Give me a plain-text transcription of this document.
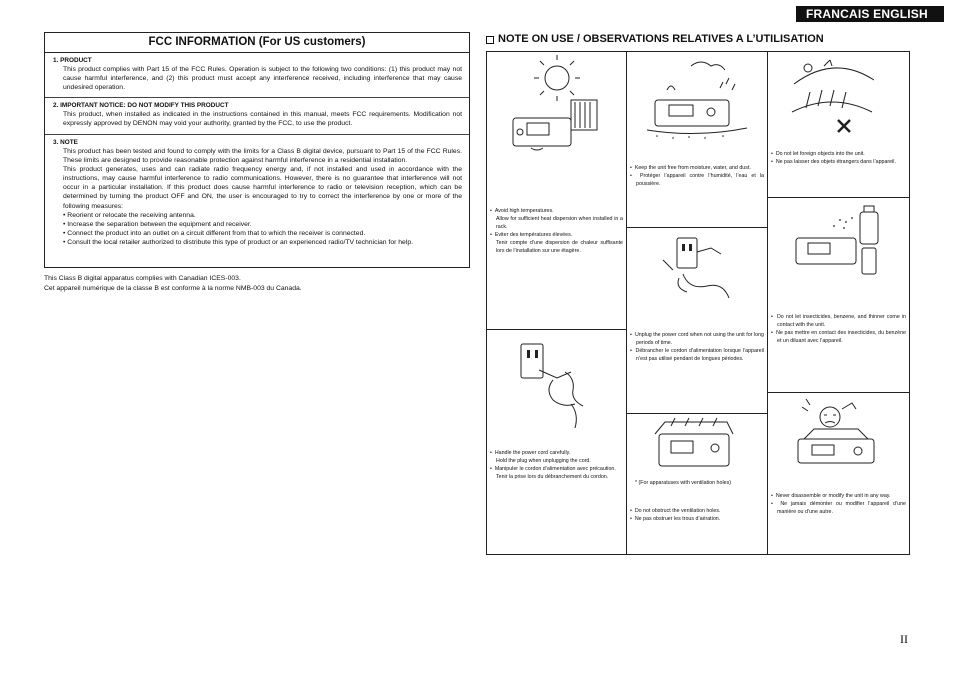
FRANCAIS ENGLISH
FCC INFORMATION (For US customers)
1. PRODUCT

This product complies with Part 15 of the FCC Rules. Operation is subject to the following two conditions: (1) this product may not cause harmful interference, and (2) this product must accept any interference received, including interference that may cause undesired operation.

2. IMPORTANT NOTICE: DO NOT MODIFY THIS PRODUCT

This product, when installed as indicated in the instructions contained in this manual, meets FCC requirements. Modification not expressly approved by DENON may void your authority, granted by the FCC, to use the product.

3. NOTE

This product has been tested and found to comply with the limits for a Class B digital device, pursuant to Part 15 of the FCC Rules. These limits are designed to provide reasonable protection against harmful interference in a residential installation.

This product generates, uses and can radiate radio frequency energy and, if not installed and used in accordance with the instructions, may cause harmful interference to radio communications. However, there is no guarantee that interference will not occur in a particular installation. If this product does cause harmful interference to radio or television reception, which can be determined by turning the product OFF and ON, the user is encouraged to try to correct the interference by one or more of the following measures:

• Reorient or relocate the receiving antenna.
• Increase the separation between the equipment and receiver.
• Connect the product into an outlet on a circuit different from that to which the receiver is connected.
• Consult the local retailer authorized to distribute this type of product or an experienced radio/TV technician for help.
This Class B digital apparatus complies with Canadian ICES-003.
Cet appareil numérique de la classe B est conforme à la norme NMB-003 du Canada.
NOTE ON USE / OBSERVATIONS RELATIVES A L’UTILISATION
•  Avoid high temperatures.
Allow for sufficient heat dispersion when installed in a rack.
•  Eviter des températures élevées.
Tenir compte d’une dispersion de chaleur suffisante lors de l’installation sur une étagère.
•  Handle the power cord carefully.
Hold the plug when unplugging the cord.
•  Manipuler le cordon d’alimentation avec précaution.
Tenir la prise lors du débranchement du cordon.
•  Keep the unit free from moisture, water, and dust.
•  Protéger l’appareil contre l’humidité, l’eau et la poussière.
•  Unplug the power cord when not using the unit for long periods of time.
•  Débrancher le cordon d’alimentation lorsque l’appareil n’est pas utilisé pendant de longues périodes.
* (For apparatuses with ventilation holes)
•  Do not obstruct the ventilation holes.
•  Ne pas obstruer les trous d’aération.
•  Do not let foreign objects into the unit.
•  Ne pas laisser des objets étrangers dans l’appareil.
•  Do not let insecticides, benzene, and thinner come in contact with the unit.
•  Ne pas mettre en contact des insecticides, du benzène et un diluant avec l’appareil.
•  Never disassemble or modify the unit in any way.
•  Ne jamais démonter ou modifier l’appareil d’une manière ou d’une autre.
II
